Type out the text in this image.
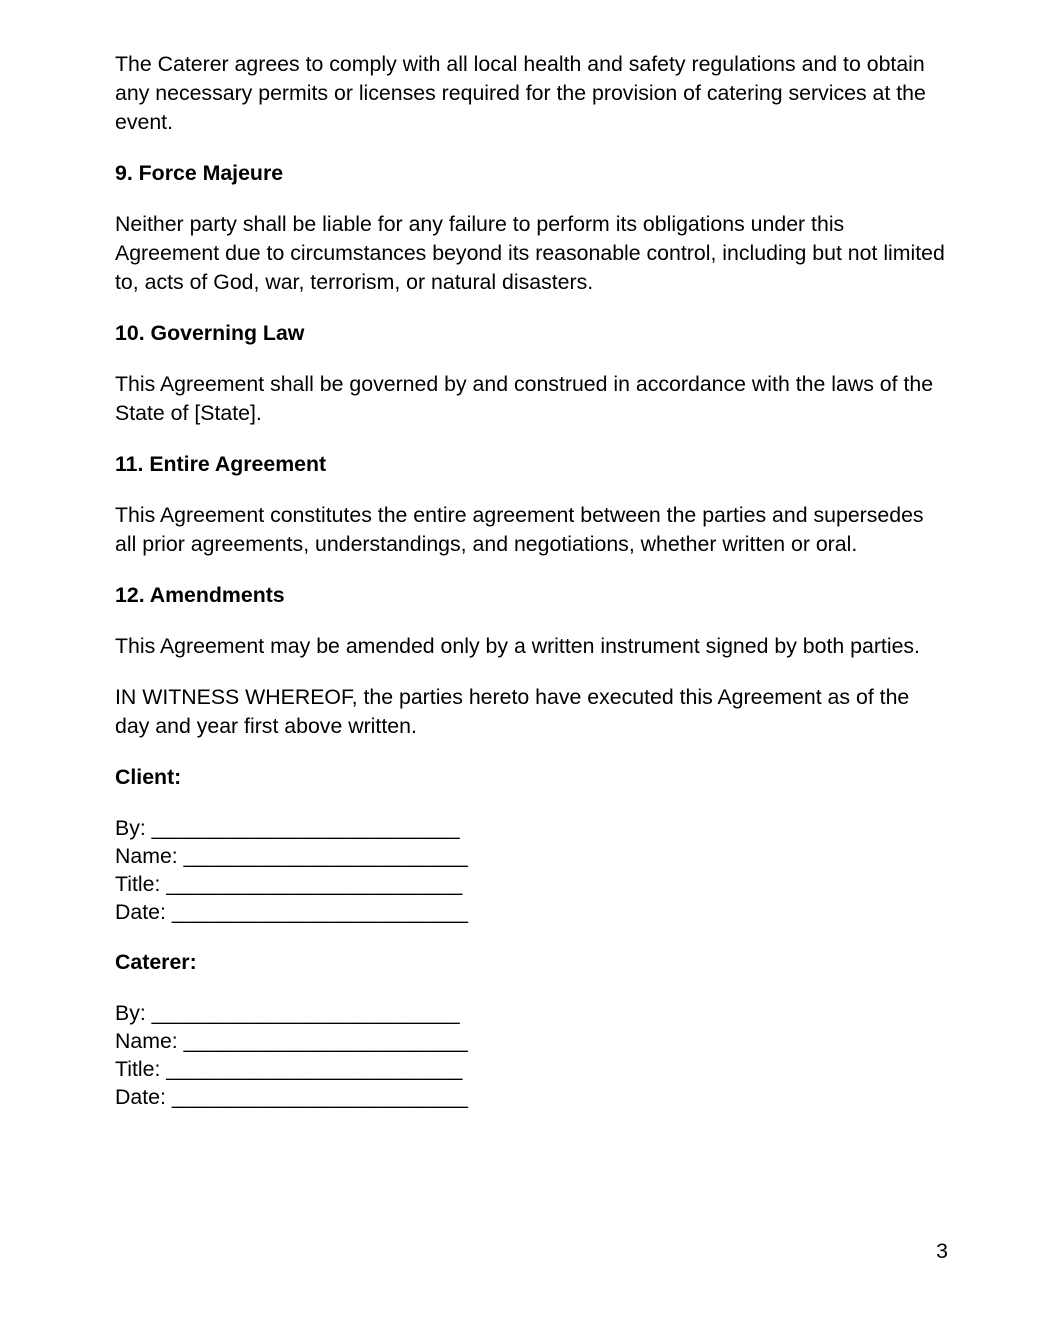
The Caterer agrees to comply with all local health and safety regulations and to obtain any necessary permits or licenses required for the provision of catering services at the event.
9. Force Majeure
Neither party shall be liable for any failure to perform its obligations under this Agreement due to circumstances beyond its reasonable control, including but not limited to, acts of God, war, terrorism, or natural disasters.
10. Governing Law
This Agreement shall be governed by and construed in accordance with the laws of the State of [State].
11. Entire Agreement
This Agreement constitutes the entire agreement between the parties and supersedes all prior agreements, understandings, and negotiations, whether written or oral.
12. Amendments
This Agreement may be amended only by a written instrument signed by both parties.
IN WITNESS WHEREOF, the parties hereto have executed this Agreement as of the day and year first above written.
Client:
By: __________________________
Name: ________________________
Title: _________________________
Date: _________________________
Caterer:
By: __________________________
Name: ________________________
Title: _________________________
Date: _________________________
3
